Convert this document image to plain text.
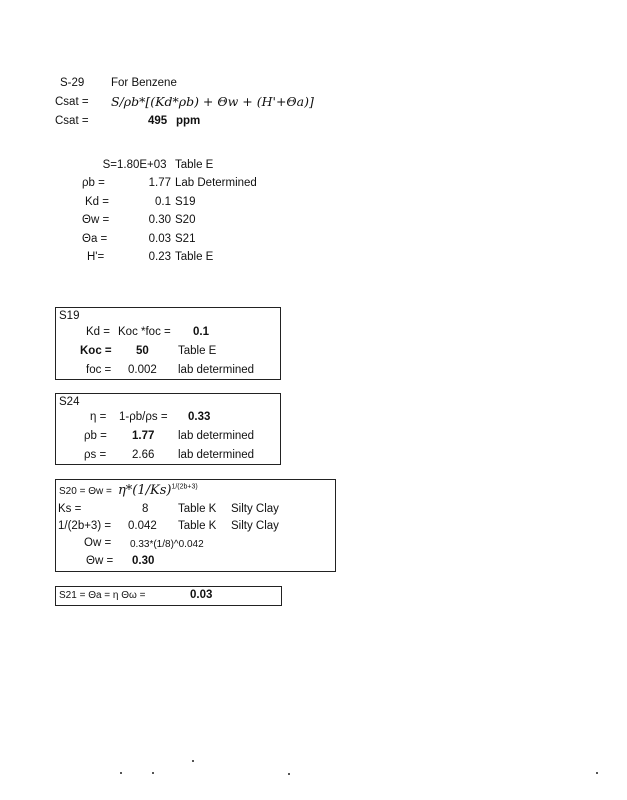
S-29 For Benzene
Csat = S/ρb*[(Kd*ρb) + Θw + (H'+Θa)]
Csat =	495 ppm
S= 1.80E+03 Table E
ρb =	1.77 Lab Determined
Kd =	0.1 S19
Θw =	0.30 S20
Θa =	0.03 S21
H'=	0.23 Table E
S19
Kd = Koc *foc = 0.1
Koc = 50	Table E
foc = 0.002 lab determined
S24
η = 1-ρb/ρs = 0.33
ρb = 1.77 lab determined
ρs = 2.66 lab determined
$S20 = \Theta w = \eta*(1/Ks)^{1/(2b+3)}$
Ks =	8	Table K Silty Clay
1/(2b+3) = 0.042 Table K Silty Clay
Ow = 0.33*(1/8)^0.042
Θw = 0.30
S21 = Θa = η Θω =	0.03
